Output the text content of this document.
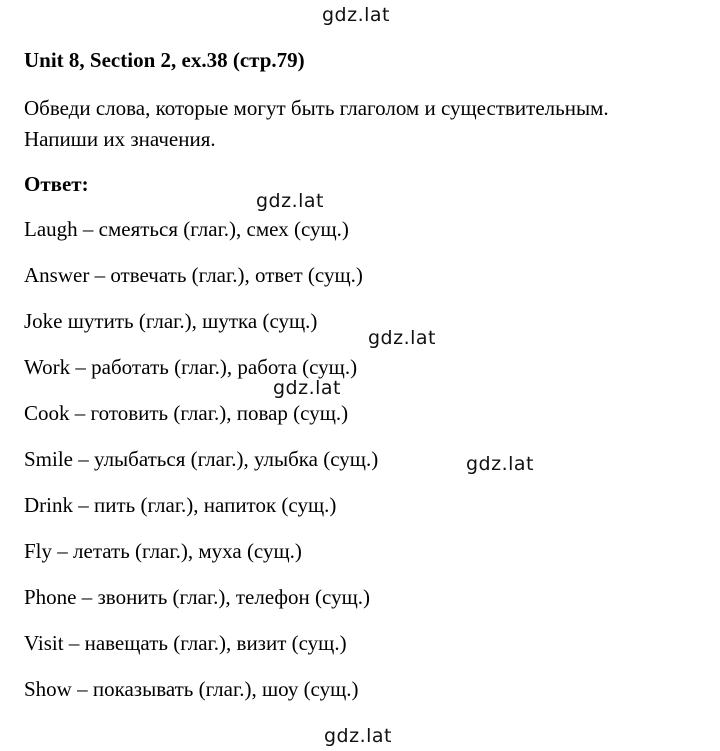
gdz.lat
Unit 8, Section 2, ex.38 (стр.79)
Обведи слова, которые могут быть глаголом и существительным.
Напиши их значения.
Ответ:
Laugh – смеяться (глаг.), смех (сущ.)
Answer – отвечать (глаг.), ответ (сущ.)
Joke шутить (глаг.), шутка (сущ.)
Work – работать (глаг.), работа (сущ.)
Cook – готовить (глаг.), повар (сущ.)
Smile – улыбаться (глаг.), улыбка (сущ.)
Drink – пить (глаг.), напиток (сущ.)
Fly – летать (глаг.), муха (сущ.)
Phone – звонить (глаг.), телефон (сущ.)
Visit – навещать (глаг.), визит (сущ.)
Show – показывать (глаг.), шоу (сущ.)
gdz.lat
gdz.lat
gdz.lat
gdz.lat
gdz.lat
